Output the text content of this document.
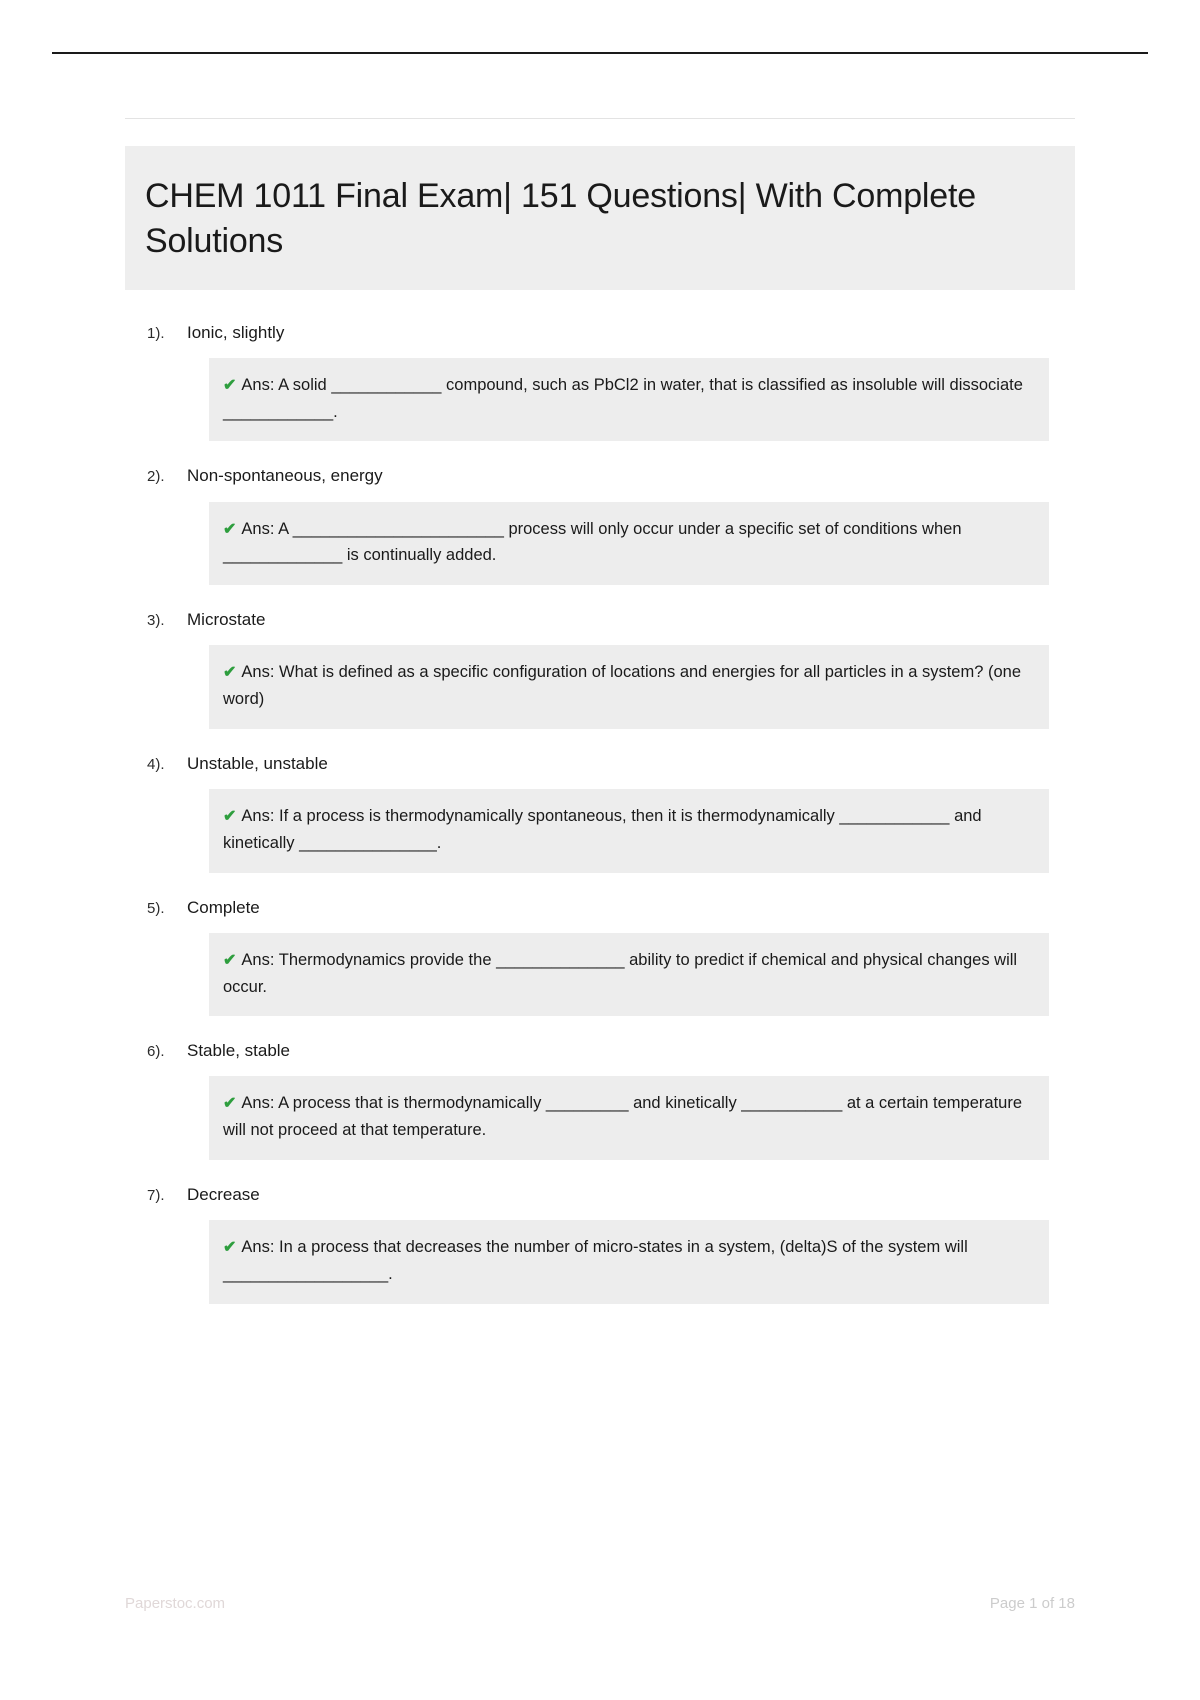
CHEM 1011 Final Exam| 151 Questions| With Complete Solutions
1).	Ionic, slightly
✔ Ans: A solid ____________ compound, such as PbCl2 in water, that is classified as insoluble will dissociate ____________.
2).	Non-spontaneous, energy
✔ Ans: A _______________________ process will only occur under a specific set of conditions when _____________ is continually added.
3).	Microstate
✔ Ans: What is defined as a specific configuration of locations and energies for all particles in a system? (one word)
4).	Unstable, unstable
✔ Ans: If a process is thermodynamically spontaneous, then it is thermodynamically ____________ and kinetically _______________.
5).	Complete
✔ Ans: Thermodynamics provide the ______________ ability to predict if chemical and physical changes will occur.
6).	Stable, stable
✔ Ans: A process that is thermodynamically _________ and kinetically ___________ at a certain temperature will not proceed at that temperature.
7).	Decrease
✔ Ans: In a process that decreases the number of micro-states in a system, (delta)S of the system will __________________.
Paperstoc.com	Page 1 of 18
